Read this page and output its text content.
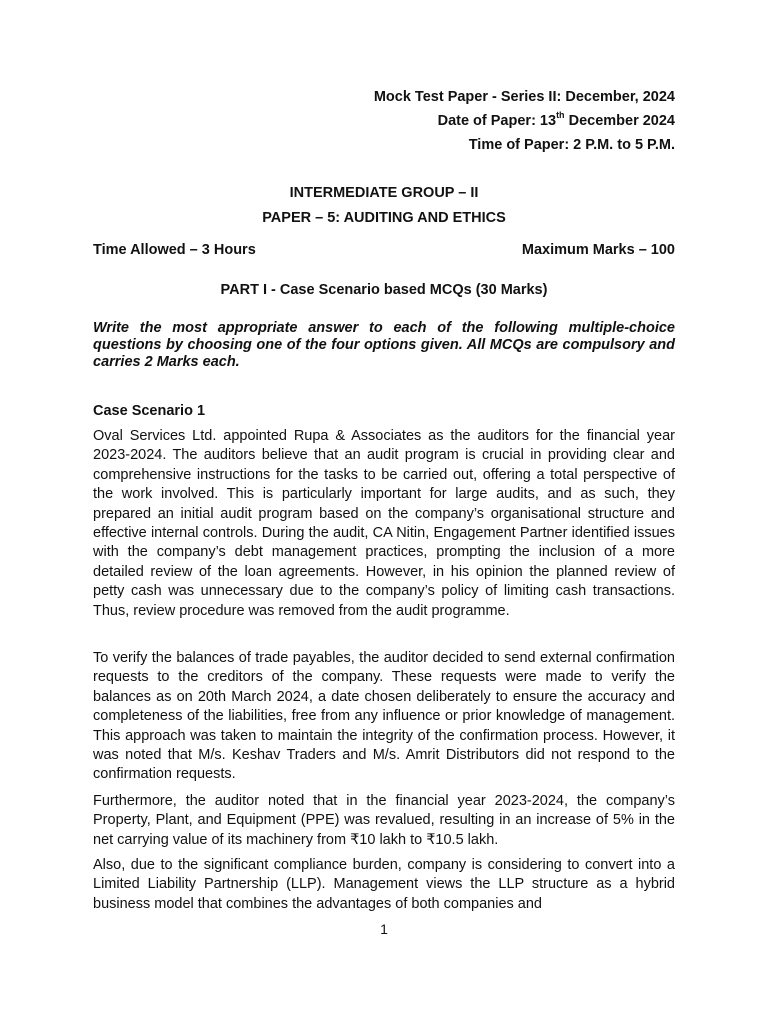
Mock Test Paper - Series II: December, 2024
Date of Paper: 13th December 2024
Time of Paper: 2 P.M. to 5 P.M.
INTERMEDIATE GROUP – II
PAPER – 5: AUDITING AND ETHICS
Time Allowed – 3 Hours	Maximum Marks – 100
PART I - Case Scenario based MCQs (30 Marks)
Write the most appropriate answer to each of the following multiple-choice questions by choosing one of the four options given. All MCQs are compulsory and carries 2 Marks each.
Case Scenario 1
Oval Services Ltd. appointed Rupa & Associates as the auditors for the financial year 2023-2024. The auditors believe that an audit program is crucial in providing clear and comprehensive instructions for the tasks to be carried out, offering a total perspective of the work involved. This is particularly important for large audits, and as such, they prepared an initial audit program based on the company’s organisational structure and effective internal controls. During the audit, CA Nitin, Engagement Partner identified issues with the company’s debt management practices, prompting the inclusion of a more detailed review of the loan agreements. However, in his opinion the planned review of petty cash was unnecessary due to the company’s policy of limiting cash transactions. Thus, review procedure was removed from the audit programme.
To verify the balances of trade payables, the auditor decided to send external confirmation requests to the creditors of the company. These requests were made to verify the balances as on 20th March 2024, a date chosen deliberately to ensure the accuracy and completeness of the liabilities, free from any influence or prior knowledge of management. This approach was taken to maintain the integrity of the confirmation process. However, it was noted that M/s. Keshav Traders and M/s. Amrit Distributors did not respond to the confirmation requests.
Furthermore, the auditor noted that in the financial year 2023-2024, the company’s Property, Plant, and Equipment (PPE) was revalued, resulting in an increase of 5% in the net carrying value of its machinery from ₹10 lakh to ₹10.5 lakh.
Also, due to the significant compliance burden, company is considering to convert into a Limited Liability Partnership (LLP). Management views the LLP structure as a hybrid business model that combines the advantages of both companies and
1
